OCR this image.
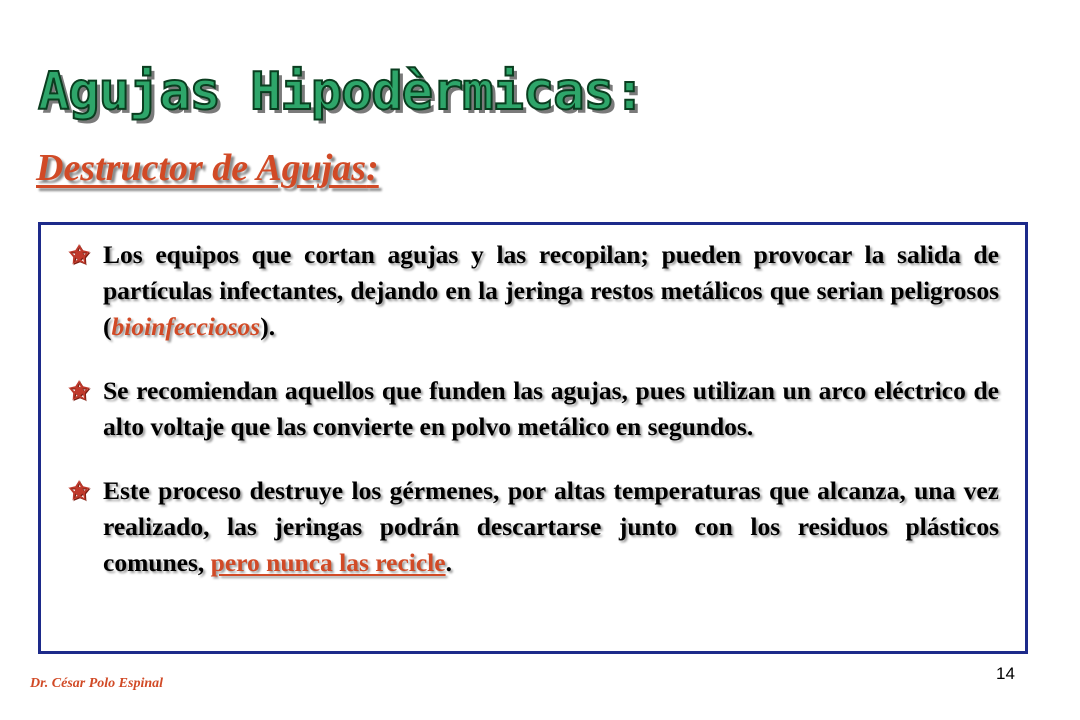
Agujas Hipodèrmicas:
Destructor de Agujas:
✬ Los equipos que cortan agujas y las recopilan; pueden provocar la salida de partículas infectantes, dejando en la jeringa restos metálicos que serian peligrosos (bioinfecciosos).
✬ Se recomiendan aquellos que funden las agujas, pues utilizan un arco eléctrico de alto voltaje que las convierte en polvo metálico en segundos.
✬ Este proceso destruye los gérmenes, por altas temperaturas que alcanza, una vez realizado, las jeringas podrán descartarse junto con los residuos plásticos comunes, pero nunca las recicle.
Dr. César Polo Espinal
14
